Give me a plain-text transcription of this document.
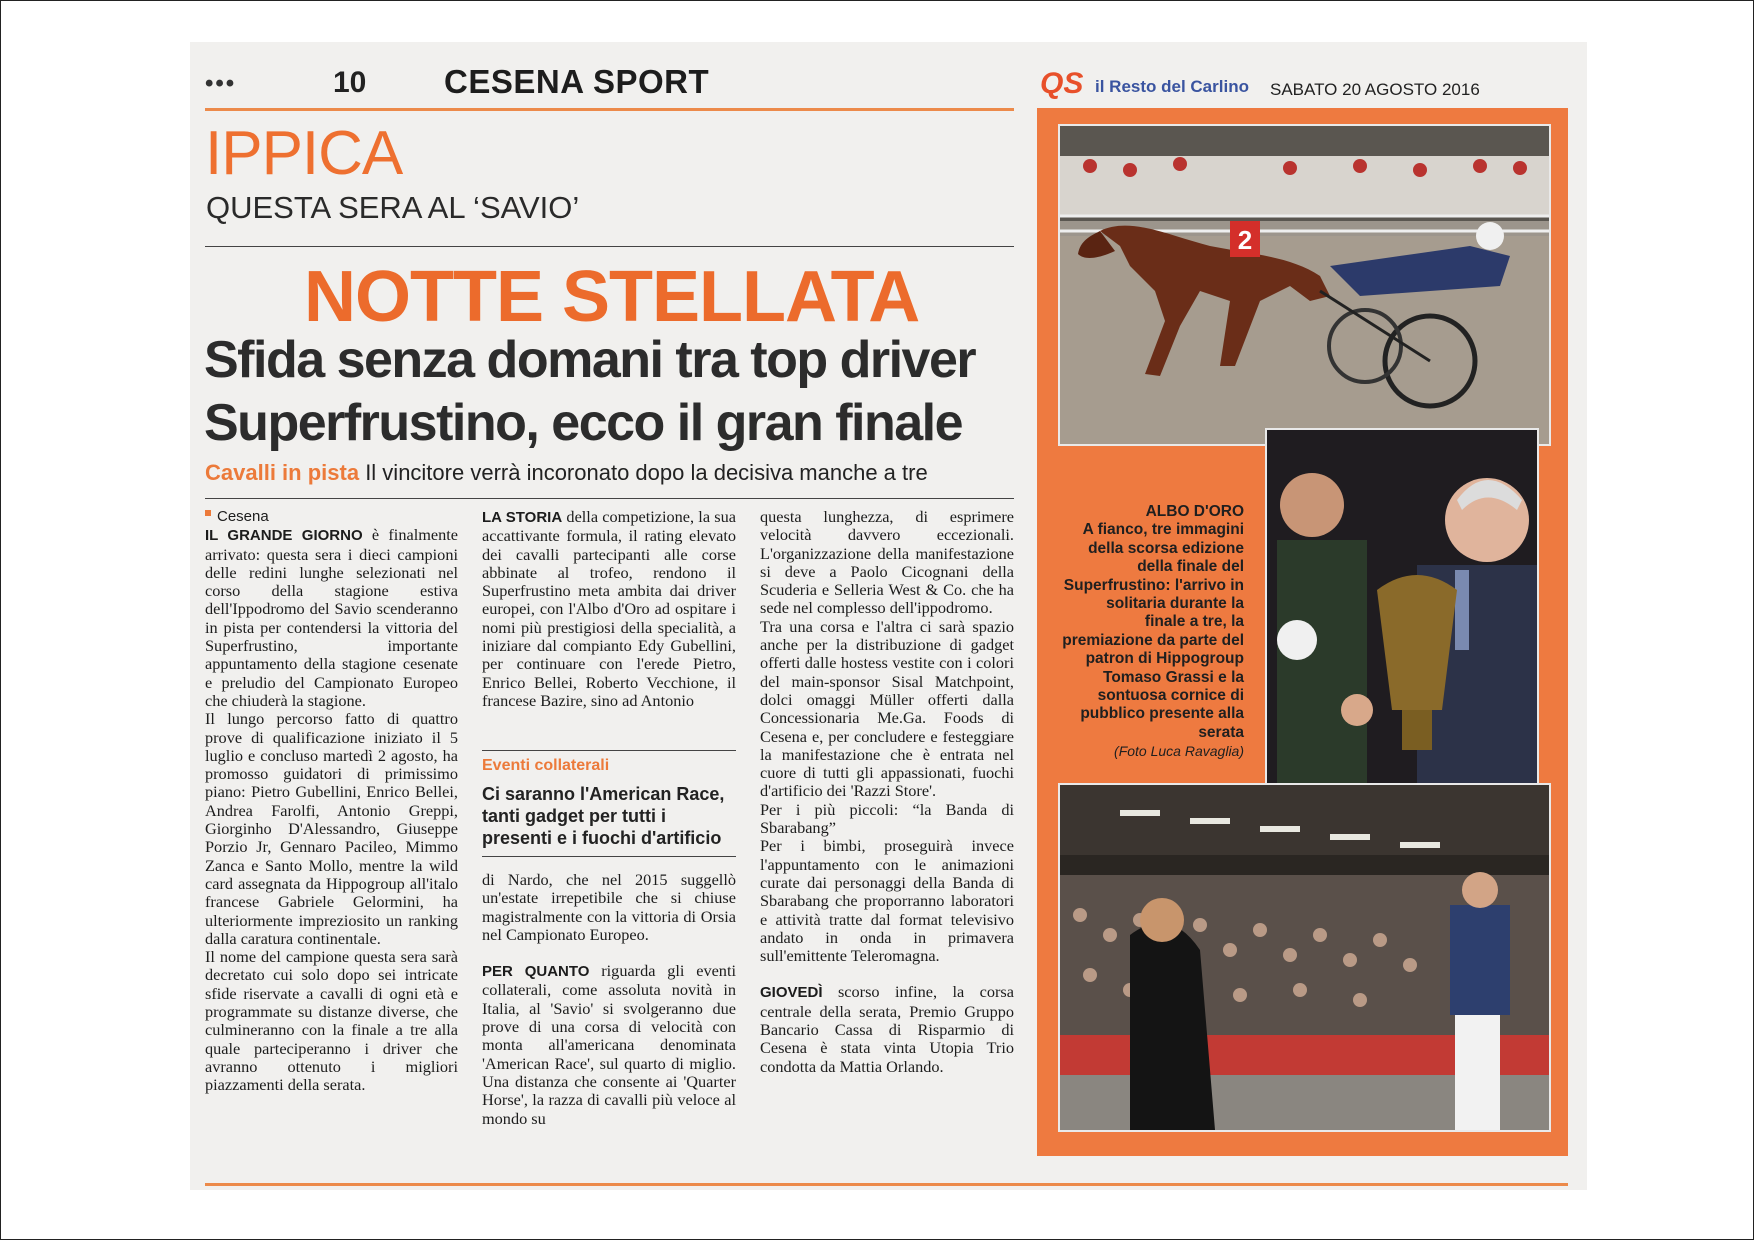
•••	10 CESENA SPORT	QS il Resto del Carlino SABATO 20 AGOSTO 2016
IPPICA
QUESTA SERA AL ‘SAVIO’
NOTTE STELLATA
Sfida senza domani tra top driver
Superfrustino, ecco il gran finale
Cavalli in pista Il vincitore verrà incoronato dopo la decisiva manche a tre
Cesena

IL GRANDE GIORNO è finalmente arrivato: questa sera i dieci campioni delle redini lunghe selezionati nel corso della stagione estiva dell'Ippodromo del Savio scenderanno in pista per contendersi la vittoria del Superfrustino, importante appuntamento della stagione cesenate e preludio del Campionato Europeo che chiuderà la stagione.

Il lungo percorso fatto di quattro prove di qualificazione iniziato il 5 luglio e concluso martedì 2 agosto, ha promosso guidatori di primissimo piano: Pietro Gubellini, Enrico Bellei, Andrea Farolfi, Antonio Greppi, Giorginho D'Alessandro, Giuseppe Porzio Jr, Gennaro Pacileo, Mimmo Zanca e Santo Mollo, mentre la wild card assegnata da Hippogroup all'italo francese Gabriele Gelormini, ha ulteriormente impreziosito un ranking dalla caratura continentale.

Il nome del campione questa sera sarà decretato cui solo dopo sei intricate sfide riservate a cavalli di ogni età e programmate su distanze diverse, che culmineranno con la finale a tre alla quale parteciperanno i driver che avranno ottenuto i migliori piazzamenti della serata.

LA STORIA della competizione, la sua accattivante formula, il rating elevato dei cavalli partecipanti alle corse abbinate al trofeo, rendono il Superfrustino meta ambita dai driver europei, con l'Albo d'Oro ad ospitare i nomi più prestigiosi della specialità, a iniziare dal compianto Edy Gubellini, per continuare con l'erede Pietro, Enrico Bellei, Roberto Vecchione, il francese Bazire, sino ad Antonio

Eventi collaterali
Ci saranno l'American Race, tanti gadget per tutti i presenti e i fuochi d'artificio

di Nardo, che nel 2015 suggellò un'estate irrepetibile che si chiuse magistralmente con la vittoria di Orsia nel Campionato Europeo.

PER QUANTO riguarda gli eventi collaterali, come assoluta novità in Italia, al 'Savio' si svolgeranno due prove di una corsa di velocità con monta all'americana denominata 'American Race', sul quarto di miglio. Una distanza che consente ai 'Quarter Horse', la razza di cavalli più veloce al mondo su

questa lunghezza, di esprimere velocità davvero eccezionali. L'organizzazione della manifestazione si deve a Paolo Cicognani della Scuderia e Selleria West & Co. che ha sede nel complesso dell'ippodromo.

Tra una corsa e l'altra ci sarà spazio anche per la distribuzione di gadget offerti dalle hostess vestite con i colori del main-sponsor Sisal Matchpoint, dolci omaggi Müller offerti dalla Concessionaria Me.Ga. Foods di Cesena e, per concludere e festeggiare la manifestazione che è entrata nel cuore di tutti gli appassionati, fuochi d'artificio dei 'Razzi Store'.

Per i più piccoli: “la Banda di Sbarabang”

Per i bimbi, proseguirà invece l'appuntamento con le animazioni curate dai personaggi della Banda di Sbarabang che proporranno laboratori e attività tratte dal format televisivo andato in onda in primavera sull'emittente Teleromagna.

GIOVEDÌ scorso infine, la corsa centrale della serata, Premio Gruppo Bancario Cassa di Risparmio di Cesena è stata vinta Utopia Trio condotta da Mattia Orlando.

2
ALBO D'ORO
A fianco, tre immagini della scorsa edizione della finale del Superfrustino: l'arrivo in solitaria durante la finale a tre, la premiazione da parte del patron di Hippogroup Tomaso Grassi e la sontuosa cornice di pubblico presente alla serata
(Foto Luca Ravaglia)
